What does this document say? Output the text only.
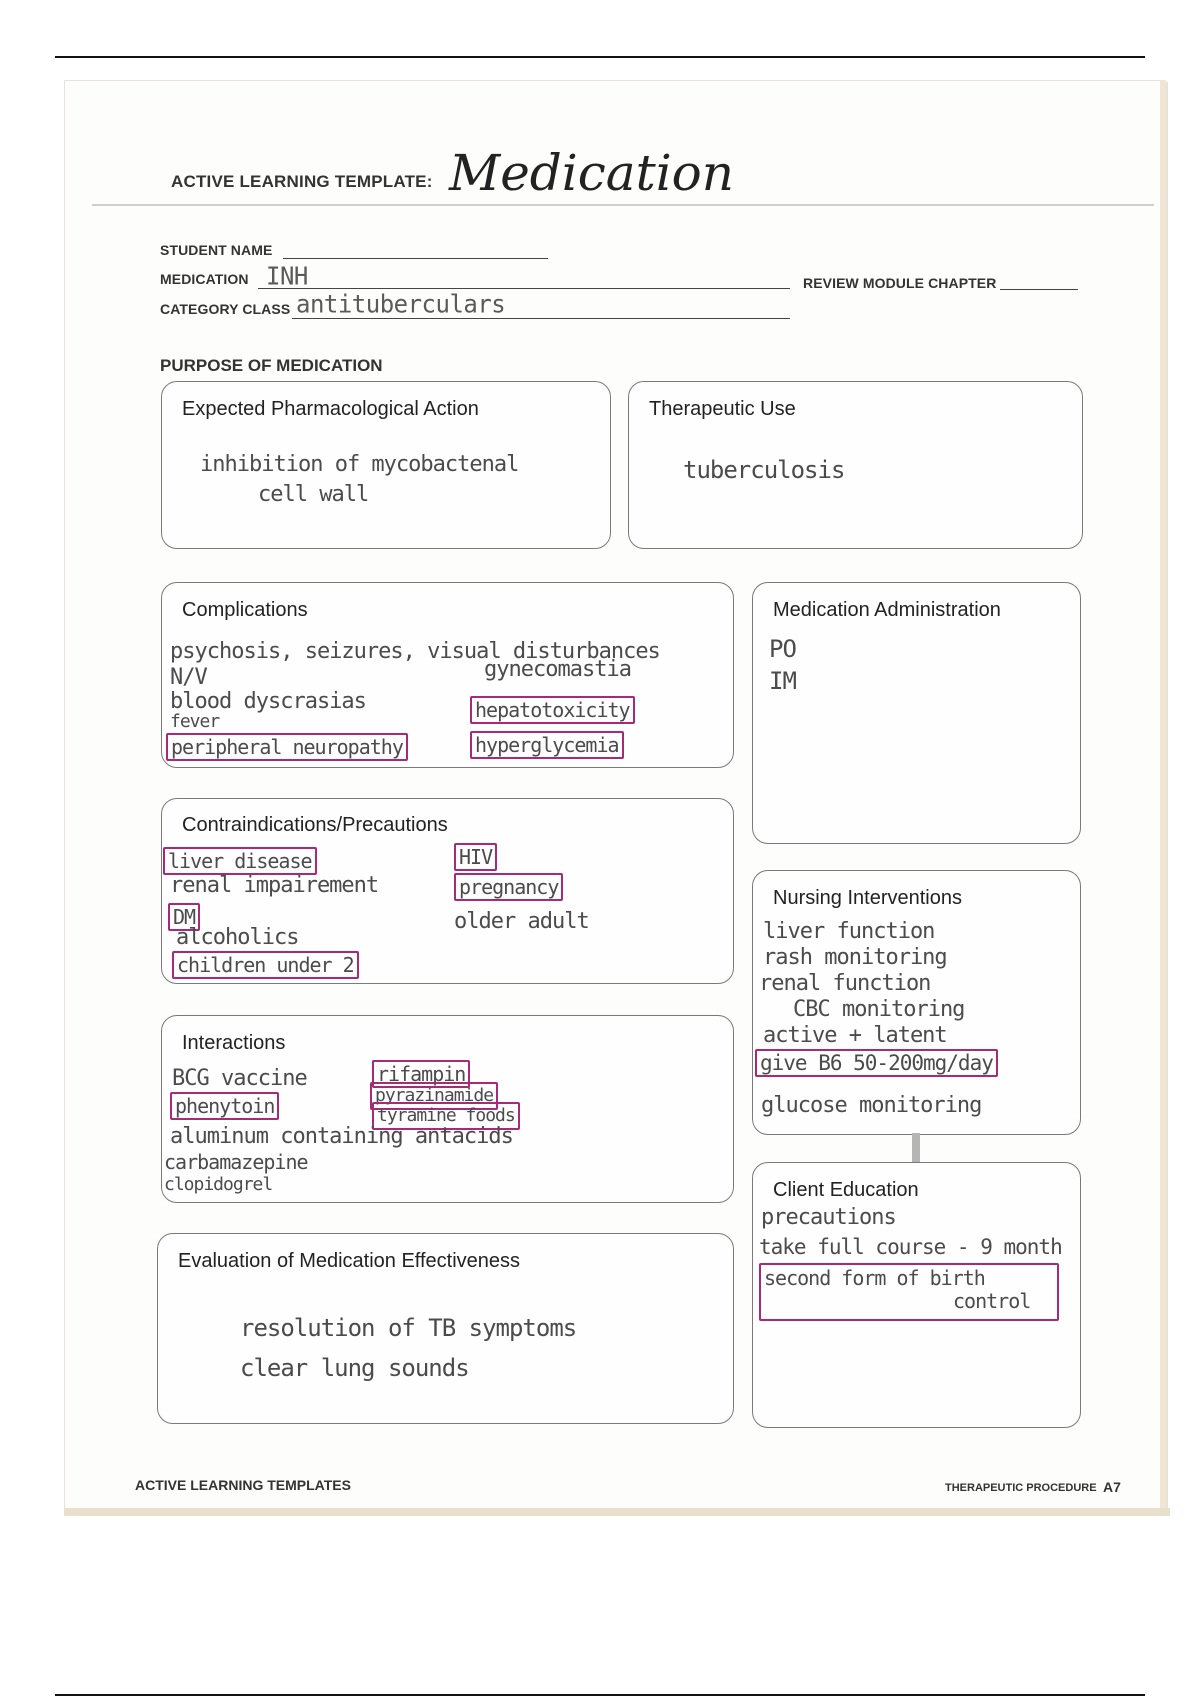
ACTIVE LEARNING TEMPLATE: Medication
STUDENT NAME
MEDICATION INH	REVIEW MODULE CHAPTER
CATEGORY CLASS antituberculars
PURPOSE OF MEDICATION
Expected Pharmacological Action
inhibition of mycobactenal
cell wall
Therapeutic Use
tuberculosis
Complications
psychosis, seizures, visual disturbances
N/V	gynecomastia
blood dyscrasias	hepatotoxicity
fever
peripheral neuropathy	hyperglycemia
Medication Administration
PO
IM
Contraindications/Precautions
liver disease	HIV
renal impairement	pregnancy
DM	older adult
alcoholics
children under 2
Nursing Interventions
liver function
rash monitoring
renal function
CBC monitoring
active + latent
give B6 50-200mg/day
glucose monitoring
Interactions
BCG vaccine	rifampin
phenytoin	pyrazinamide
tyramine foods
aluminum containing antacids
carbamazepine
clopidogrel	Client Education
precautions
take full course - 9 month
second form of birth
control
Evaluation of Medication Effectiveness
resolution of TB symptoms
clear lung sounds
ACTIVE LEARNING TEMPLATES	THERAPEUTIC PROCEDURE A7
